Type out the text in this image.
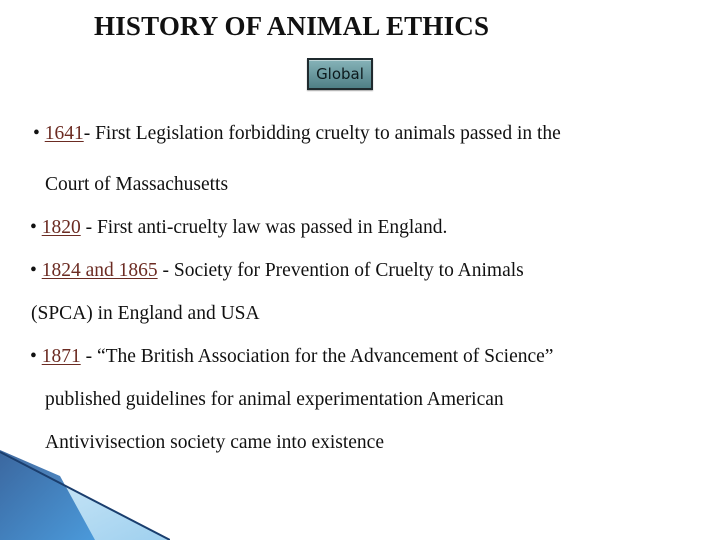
HISTORY OF ANIMAL ETHICS
Global

• 1641- First Legislation forbidding cruelty to animals passed in the

Court of Massachusetts

• 1820 - First anti-cruelty law was passed in England.

• 1824 and 1865 - Society for Prevention of Cruelty to Animals

(SPCA) in England and USA

• 1871 - “The British Association for the Advancement of Science”

published guidelines for animal experimentation American

Antivivisection society came into existence
